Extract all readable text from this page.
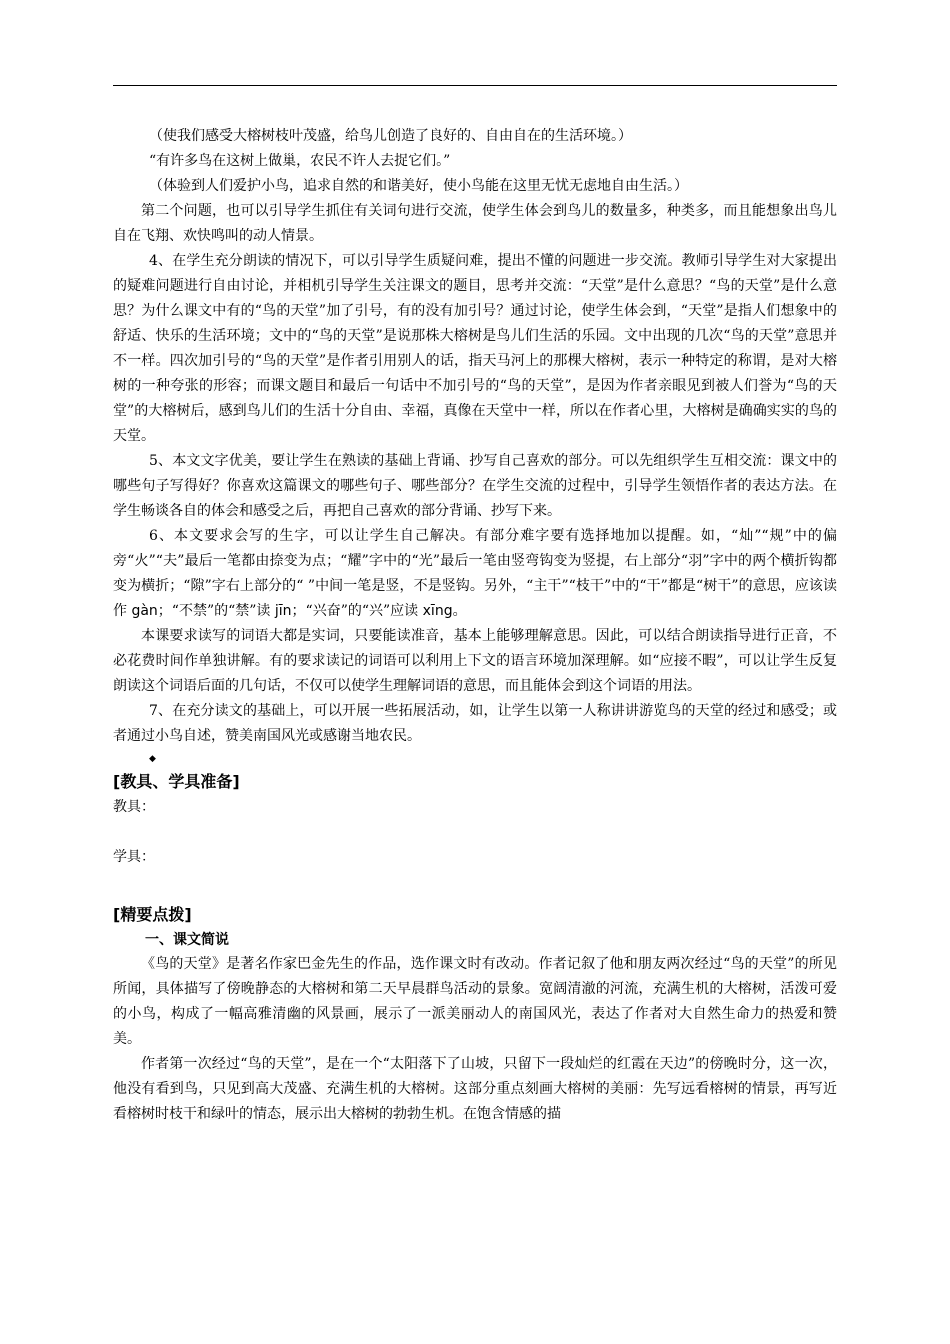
（使我们感受大榕树枝叶茂盛，给鸟儿创造了良好的、自由自在的生活环境。）

“有许多鸟在这树上做巢，农民不许人去捉它们。”

（体验到人们爱护小鸟，追求自然的和谐美好，使小鸟能在这里无忧无虑地自由生活。）

第二个问题，也可以引导学生抓住有关词句进行交流，使学生体会到鸟儿的数量多，种类多，而且能想象出鸟儿自在飞翔、欢快鸣叫的动人情景。

4、在学生充分朗读的情况下，可以引导学生质疑问难，提出不懂的问题进一步交流。教师引导学生对大家提出的疑难问题进行自由讨论，并相机引导学生关注课文的题目，思考并交流：“天堂”是什么意思？“鸟的天堂”是什么意思？为什么课文中有的“鸟的天堂”加了引号，有的没有加引号？通过讨论，使学生体会到，“天堂”是指人们想象中的舒适、快乐的生活环境；文中的“鸟的天堂”是说那株大榕树是鸟儿们生活的乐园。文中出现的几次“鸟的天堂”意思并不一样。四次加引号的“鸟的天堂”是作者引用别人的话，指天马河上的那棵大榕树，表示一种特定的称谓，是对大榕树的一种夸张的形容；而课文题目和最后一句话中不加引号的“鸟的天堂”，是因为作者亲眼见到被人们誉为“鸟的天堂”的大榕树后，感到鸟儿们的生活十分自由、幸福，真像在天堂中一样，所以在作者心里，大榕树是确确实实的鸟的天堂。

5、本文文字优美，要让学生在熟读的基础上背诵、抄写自己喜欢的部分。可以先组织学生互相交流：课文中的哪些句子写得好？你喜欢这篇课文的哪些句子、哪些部分？在学生交流的过程中，引导学生领悟作者的表达方法。在学生畅谈各自的体会和感受之后，再把自己喜欢的部分背诵、抄写下来。

6、本文要求会写的生字，可以让学生自己解决。有部分难字要有选择地加以提醒。如，“灿”“规”中的偏旁“火”“夫”最后一笔都由捺变为点；“耀”字中的“光”最后一笔由竖弯钩变为竖提，右上部分“羽”字中的两个横折钩都变为横折；“隙”字右上部分的“ ”中间一笔是竖，不是竖钩。另外，“主干”“枝干”中的“干”都是“树干”的意思，应该读作 gàn；“不禁”的“禁”读 jīn；“兴奋”的“兴”应读 xīng。

本课要求读写的词语大都是实词，只要能读准音，基本上能够理解意思。因此，可以结合朗读指导进行正音，不必花费时间作单独讲解。有的要求读记的词语可以利用上下文的语言环境加深理解。如“应接不暇”，可以让学生反复朗读这个词语后面的几句话，不仅可以使学生理解词语的意思，而且能体会到这个词语的用法。

7、在充分读文的基础上，可以开展一些拓展活动，如，让学生以第一人称讲讲游览鸟的天堂的经过和感受；或者通过小鸟自述，赞美南国风光或感谢当地农民。

◆
[教具、学具准备]

教具：

学具：

[精要点拨]
一、课文简说

《鸟的天堂》是著名作家巴金先生的作品，选作课文时有改动。作者记叙了他和朋友两次经过“鸟的天堂”的所见所闻，具体描写了傍晚静态的大榕树和第二天早晨群鸟活动的景象。宽阔清澈的河流，充满生机的大榕树，活泼可爱的小鸟，构成了一幅高雅清幽的风景画，展示了一派美丽动人的南国风光，表达了作者对大自然生命力的热爱和赞美。

作者第一次经过“鸟的天堂”，是在一个“太阳落下了山坡，只留下一段灿烂的红霞在天边”的傍晚时分，这一次，他没有看到鸟，只见到高大茂盛、充满生机的大榕树。这部分重点刻画大榕树的美丽：先写远看榕树的情景，再写近看榕树时枝干和绿叶的情态，展示出大榕树的勃勃生机。在饱含情感的描
